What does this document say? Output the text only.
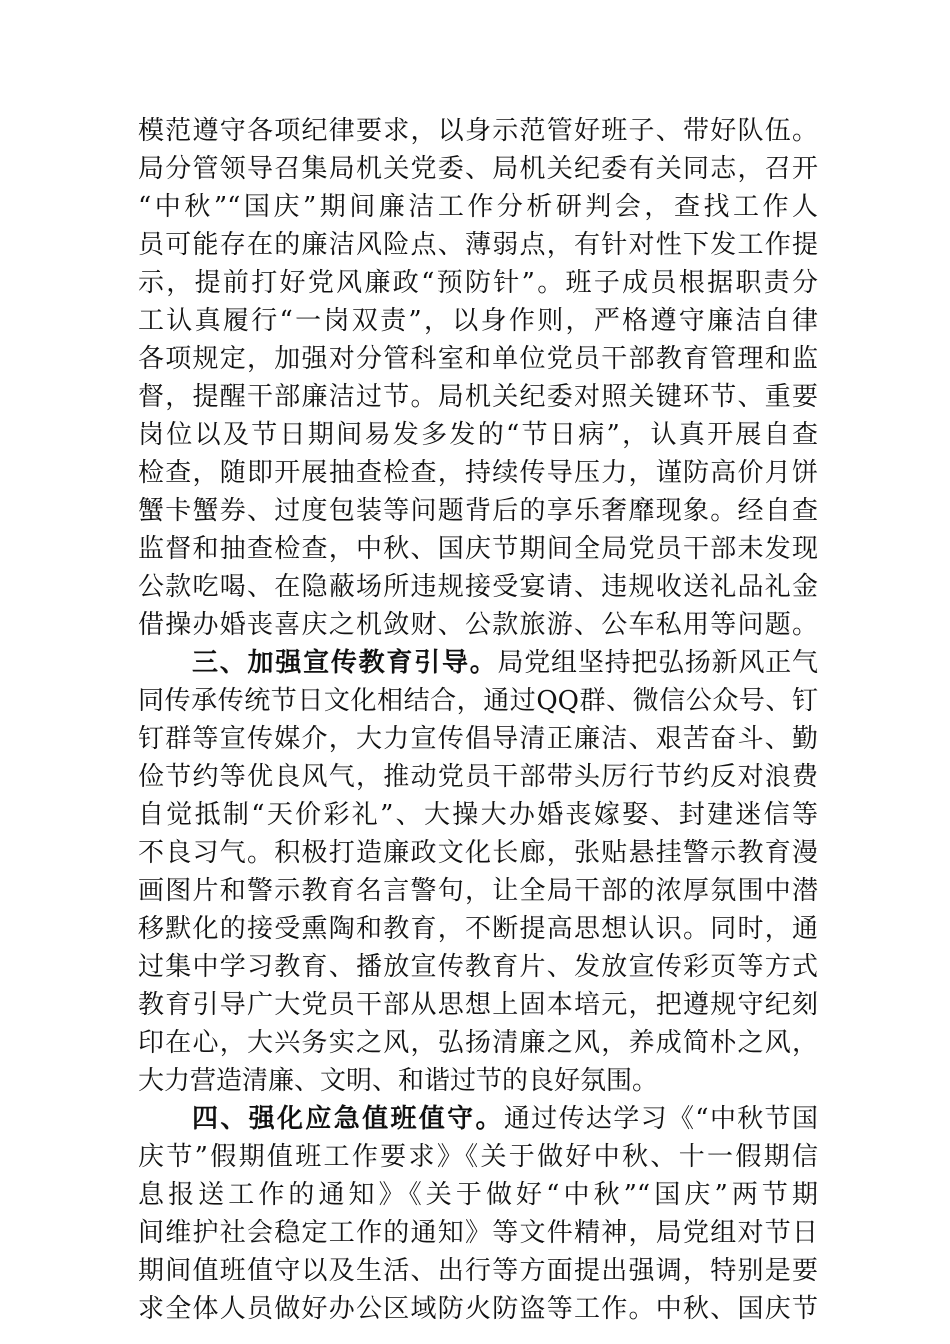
模范遵守各项纪律要求，以身示范管好班子、带好队伍。
局分管领导召集局机关党委、局机关纪委有关同志，召开
“中秋”“国庆”期间廉洁工作分析研判会，查找工作人
员可能存在的廉洁风险点、薄弱点，有针对性下发工作提
示，提前打好党风廉政“预防针”。班子成员根据职责分
工认真履行“一岗双责”，以身作则，严格遵守廉洁自律
各项规定，加强对分管科室和单位党员干部教育管理和监
督，提醒干部廉洁过节。局机关纪委对照关键环节、重要
岗位以及节日期间易发多发的“节日病”，认真开展自查
检查，随即开展抽查检查，持续传导压力，谨防高价月饼
蟹卡蟹券、过度包装等问题背后的享乐奢靡现象。经自查
监督和抽查检查，中秋、国庆节期间全局党员干部未发现
公款吃喝、在隐蔽场所违规接受宴请、违规收送礼品礼金
借操办婚丧喜庆之机敛财、公款旅游、公车私用等问题。
三、加强宣传教育引导。局党组坚持把弘扬新风正气
同传承传统节日文化相结合，通过QQ群、微信公众号、钉
钉群等宣传媒介，大力宣传倡导清正廉洁、艰苦奋斗、勤
俭节约等优良风气，推动党员干部带头厉行节约反对浪费
自觉抵制“天价彩礼”、大操大办婚丧嫁娶、封建迷信等
不良习气。积极打造廉政文化长廊，张贴悬挂警示教育漫
画图片和警示教育名言警句，让全局干部的浓厚氛围中潜
移默化的接受熏陶和教育，不断提高思想认识。同时，通
过集中学习教育、播放宣传教育片、发放宣传彩页等方式
教育引导广大党员干部从思想上固本培元，把遵规守纪刻
印在心，大兴务实之风，弘扬清廉之风，养成简朴之风，
大力营造清廉、文明、和谐过节的良好氛围。
四、强化应急值班值守。通过传达学习《“中秋节国
庆节”假期值班工作要求》《关于做好中秋、十一假期信
息报送工作的通知》《关于做好“中秋”“国庆”两节期
间维护社会稳定工作的通知》等文件精神，局党组对节日
期间值班值守以及生活、出行等方面提出强调，特别是要
求全体人员做好办公区域防火防盗等工作。中秋、国庆节
